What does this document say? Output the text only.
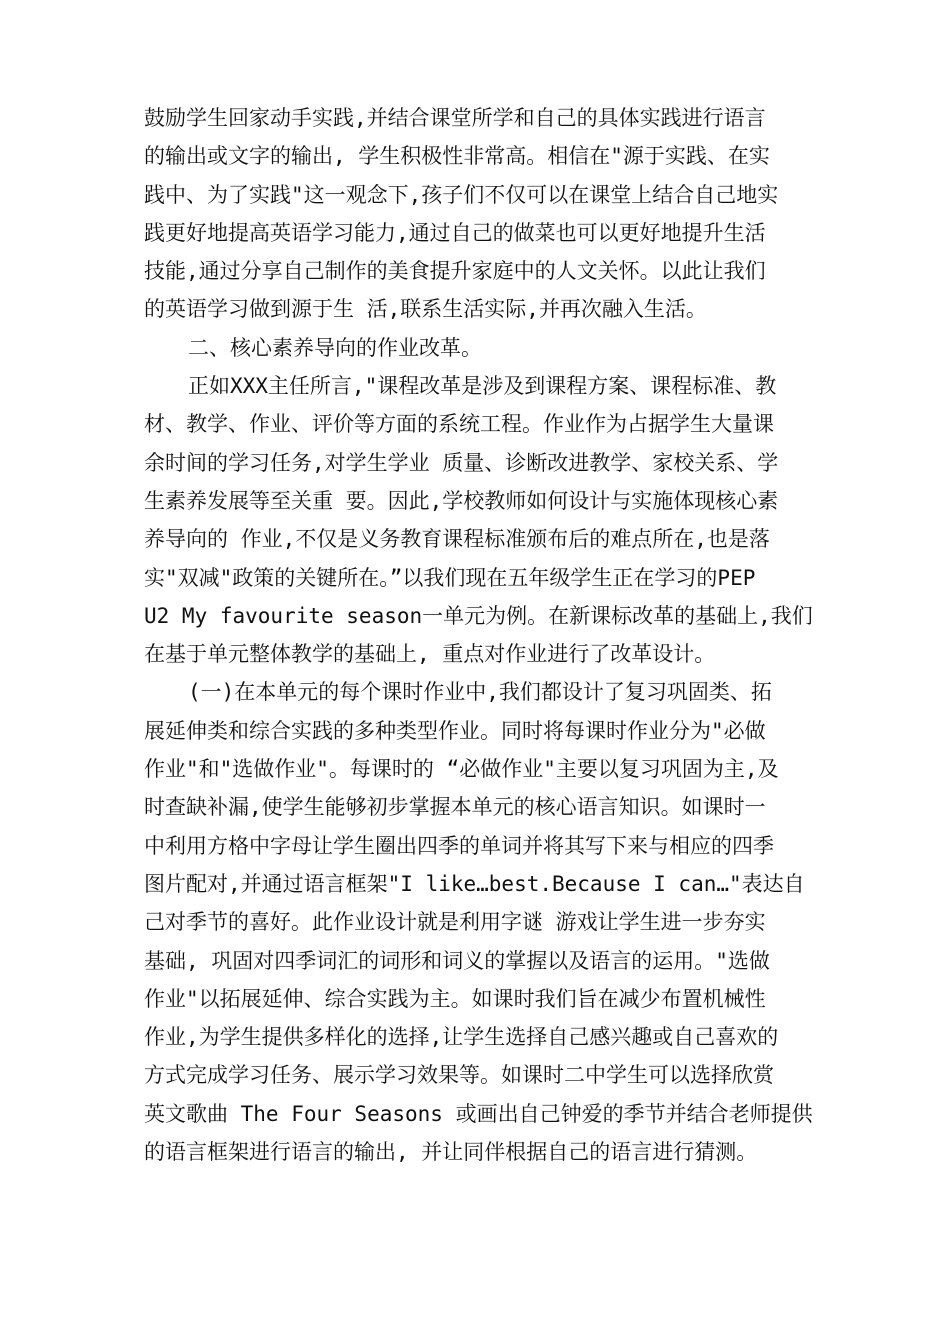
鼓励学生回家动手实践,并结合课堂所学和自己的具体实践进行语言
的输出或文字的输出, 学生积极性非常高。相信在"源于实践、在实
践中、为了实践"这一观念下,孩子们不仅可以在课堂上结合自己地实
践更好地提高英语学习能力,通过自己的做菜也可以更好地提升生活
技能,通过分享自己制作的美食提升家庭中的人文关怀。以此让我们
的英语学习做到源于生 活,联系生活实际,并再次融入生活。
二、核心素养导向的作业改革。
正如XXX主任所言,"课程改革是涉及到课程方案、课程标准、教
材、教学、作业、评价等方面的系统工程。作业作为占据学生大量课
余时间的学习任务,对学生学业 质量、诊断改进教学、家校关系、学
生素养发展等至关重 要。因此,学校教师如何设计与实施体现核心素
养导向的 作业,不仅是义务教育课程标准颁布后的难点所在,也是落
实"双减"政策的关键所在。”以我们现在五年级学生正在学习的PEP
U2 My favourite season一单元为例。在新课标改革的基础上,我们
在基于单元整体教学的基础上, 重点对作业进行了改革设计。
(一)在本单元的每个课时作业中,我们都设计了复习巩固类、拓
展延伸类和综合实践的多种类型作业。同时将每课时作业分为"必做
作业"和"选做作业"。每课时的 “必做作业"主要以复习巩固为主,及
时查缺补漏,使学生能够初步掌握本单元的核心语言知识。如课时一
中利用方格中字母让学生圈出四季的单词并将其写下来与相应的四季
图片配对,并通过语言框架"I like…best.Because I can…"表达自
己对季节的喜好。此作业设计就是利用字谜 游戏让学生进一步夯实
基础, 巩固对四季词汇的词形和词义的掌握以及语言的运用。"选做
作业"以拓展延伸、综合实践为主。如课时我们旨在减少布置机械性
作业,为学生提供多样化的选择,让学生选择自己感兴趣或自己喜欢的
方式完成学习任务、展示学习效果等。如课时二中学生可以选择欣赏
英文歌曲 The Four Seasons 或画出自己钟爱的季节并结合老师提供
的语言框架进行语言的输出, 并让同伴根据自己的语言进行猜测。
